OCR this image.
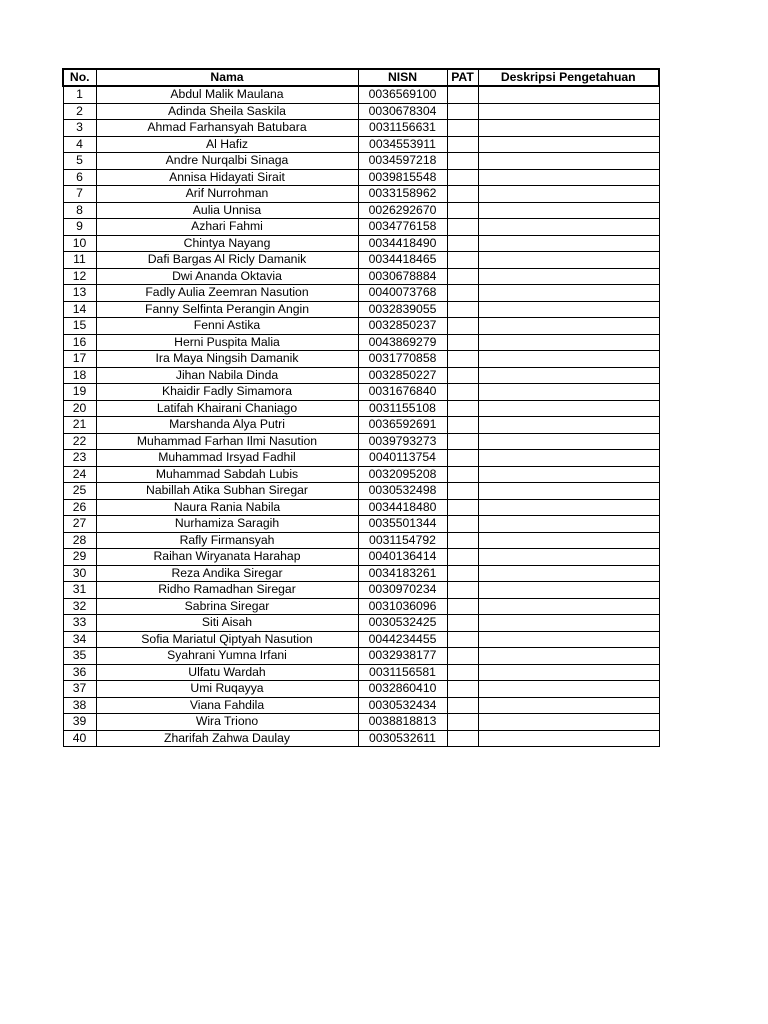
No.	Nama	NISN	PAT	Deskripsi Pengetahuan
1	Abdul Malik Maulana	0036569100		
2	Adinda Sheila Saskila	0030678304		
3	Ahmad Farhansyah Batubara	0031156631		
4	Al Hafiz	0034553911		
5	Andre Nurqalbi Sinaga	0034597218		
6	Annisa Hidayati Sirait	0039815548		
7	Arif Nurrohman	0033158962		
8	Aulia Unnisa	0026292670		
9	Azhari Fahmi	0034776158		
10	Chintya Nayang	0034418490		
11	Dafi Bargas Al Ricly Damanik	0034418465		
12	Dwi Ananda Oktavia	0030678884		
13	Fadly Aulia Zeemran Nasution	0040073768		
14	Fanny Selfinta Perangin Angin	0032839055		
15	Fenni Astika	0032850237		
16	Herni Puspita Malia	0043869279		
17	Ira Maya Ningsih Damanik	0031770858		
18	Jihan Nabila Dinda	0032850227		
19	Khaidir Fadly Simamora	0031676840		
20	Latifah Khairani Chaniago	0031155108		
21	Marshanda Alya Putri	0036592691		
22	Muhammad Farhan Ilmi Nasution	0039793273		
23	Muhammad Irsyad Fadhil	0040113754		
24	Muhammad Sabdah Lubis	0032095208		
25	Nabillah Atika Subhan Siregar	0030532498		
26	Naura Rania Nabila	0034418480		
27	Nurhamiza Saragih	0035501344		
28	Rafly Firmansyah	0031154792		
29	Raihan Wiryanata Harahap	0040136414		
30	Reza Andika Siregar	0034183261		
31	Ridho Ramadhan Siregar	0030970234		
32	Sabrina Siregar	0031036096		
33	Siti Aisah	0030532425		
34	Sofia Mariatul Qiptyah Nasution	0044234455		
35	Syahrani Yumna Irfani	0032938177		
36	Ulfatu Wardah	0031156581		
37	Umi Ruqayya	0032860410		
38	Viana Fahdila	0030532434		
39	Wira Triono	0038818813		
40	Zharifah Zahwa Daulay	0030532611		
